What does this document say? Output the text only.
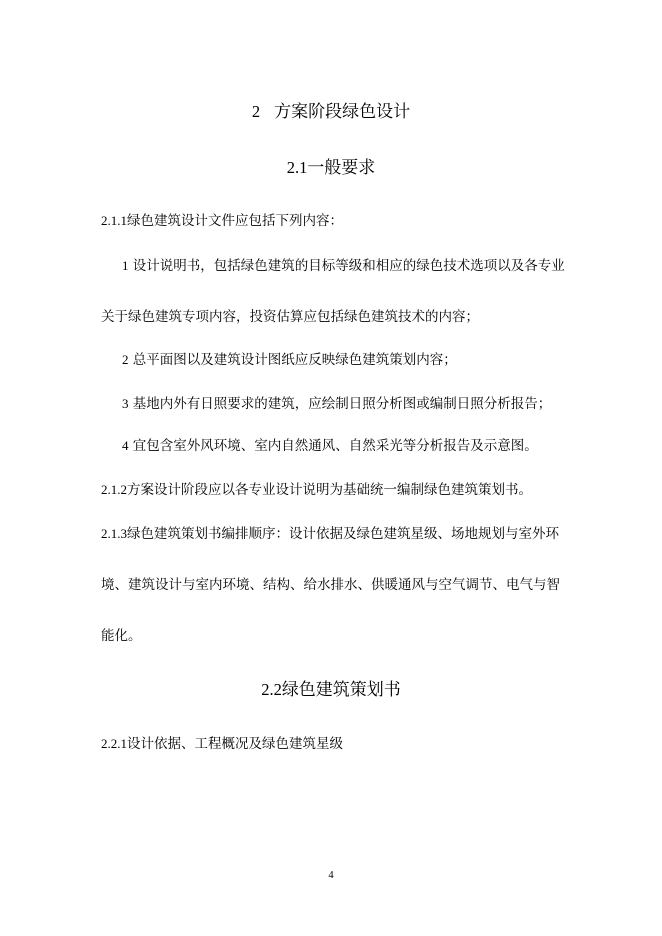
2 方案阶段绿色设计
2.1一般要求
2.1.1绿色建筑设计文件应包括下列内容：
1 设计说明书，包括绿色建筑的目标等级和相应的绿色技术选项以及各专业
关于绿色建筑专项内容，投资估算应包括绿色建筑技术的内容；
2 总平面图以及建筑设计图纸应反映绿色建筑策划内容；
3 基地内外有日照要求的建筑，应绘制日照分析图或编制日照分析报告；
4 宜包含室外风环境、室内自然通风、自然采光等分析报告及示意图。
2.1.2方案设计阶段应以各专业设计说明为基础统一编制绿色建筑策划书。
2.1.3绿色建筑策划书编排顺序：设计依据及绿色建筑星级、场地规划与室外环
境、建筑设计与室内环境、结构、给水排水、供暖通风与空气调节、电气与智
能化。
2.2绿色建筑策划书
2.2.1设计依据、工程概况及绿色建筑星级
4
